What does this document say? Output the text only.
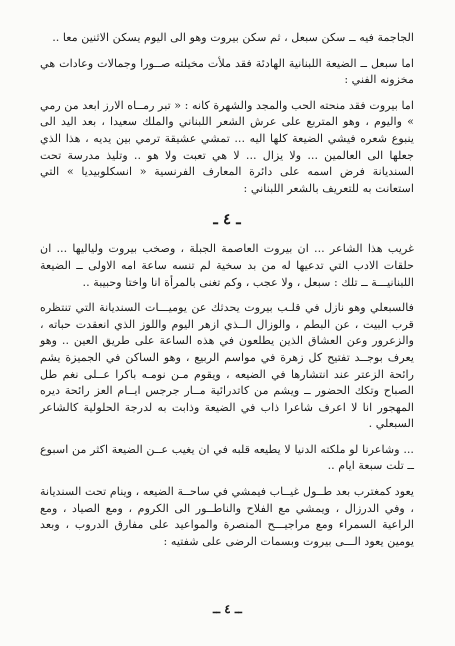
الجاجمة فيه ــ سكن سبعل ، ثم سكن بيروت وهو الى اليوم يسكن الاثنين معا ..

اما سبعل ــ الضيعة اللبنانية الهادئة فقد ملأت مخيلته صــورا وجمالات وعادات هي مخزونه الفني :

اما بيروت فقد منحته الحب والمجد والشهرة كانه : « تبر رمــاه الارز ابعد من رمي » واليوم ، وهو المتربع على عرش الشعر اللبناني والملك سعيدا ، بعد اليد الى ينبوع شعره فيشي الضيعة كلها اليه ... تمشي عشيقة ترمي بين يديه ، هذا الذي جعلها الى العالمين ... ولا يزال ... لا هي تعبت ولا هو .. وتليذ مدرسة تحت السنديانة فرض اسمه على دائرة المعارف الفرنسية « انسكلوبيديا » التي استعانت به للتعريف بالشعر اللبناني :

ـ ٤ ـ

غريب هذا الشاعر ... ان بيروت العاصمة الجبلة ، وصخب بيروت ولياليها ... ان حلقات الادب التي تدعيها له من بد سخية لم تنسه ساعة امه الاولى ــ الضيعة اللبنانيـــة ــ تلك : سبعل ، ولا عجب ، وكم تغنى بالمرأة انا واختا وحبيبة ..

فالسبعلي وهو نازل في قلـب بيروت يحدثك عن يوميـــات السنديانة التي تنتظره قرب البيت ، عن البطم ، والوزال الــذي ازهر اليوم واللوز الذي انعقدت حباته ، والزعرور وعن العشاق الذين يطلعون في هذه الساعة على طريق العين .. وهو يعرف بوجــد تفتيح كل زهرة في مواسم الربيع ، وهو الساكن في الجميزة يشم رائحة الزعتر عند انتشارها في الضيعه ، ويقوم مـن نومـه باكرا عــلى نغم طل الصباح وتكك الحضور ــ ويشم من كاتدرائية مــار جرجس ايــام العز رائحة ديره المهجور انا لا اعرف شاعرا ذاب في الضيعة وذابت به لدرجة الحلولية كالشاعر السبعلي .

... وشاعرنا لو ملكته الدنيا لا يطيعه قلبه في ان يغيب عــن الضيعة اكثر من اسبوع ــ تلت سبعة ايام ..

يعود كمغترب بعد طــول غيــاب فيمشي في ساحــة الضيعه ، وينام تحت السنديانة ، وفي الدرزال ، ويمشي مع الفلاح والناطــور الى الكروم ، ومع الصياد ، ومع الراعية السمراء ومع مراجيـــح المنصرة والمواعيد على مفارق الدروب ، وبعد يومين يعود الـــى بيروت وبسمات الرضى على شفتيه :

ــ ٤ ــ
